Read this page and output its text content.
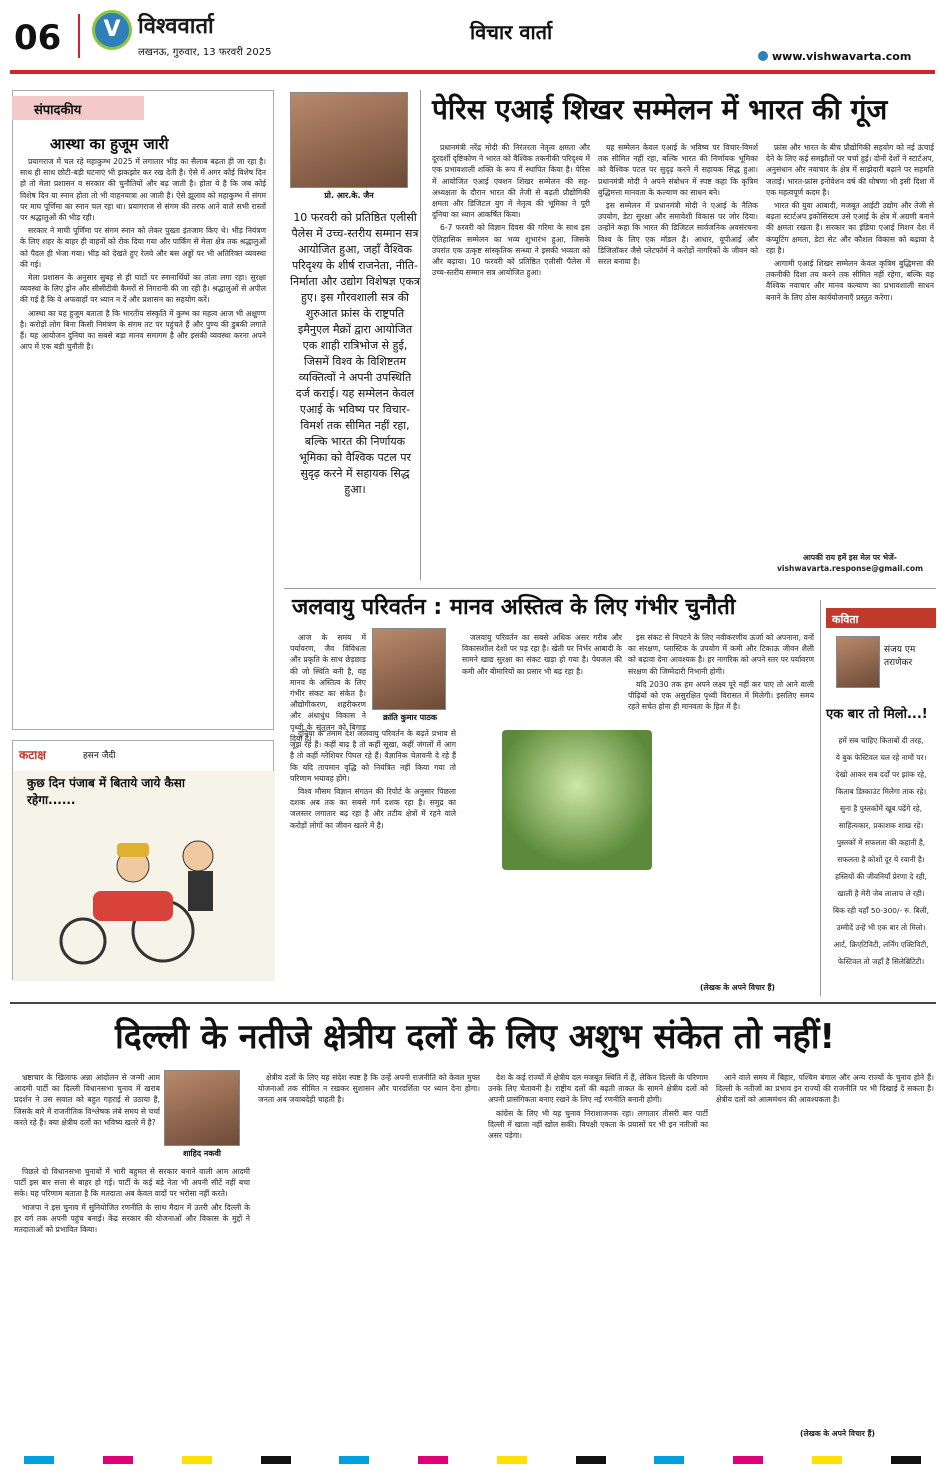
06	V विश्ववार्ता
लखनऊ, गुरुवार, 13 फरवरी 2025
विचार वार्ता
www.vishwavarta.com
संपादकीय
आस्था का हुजूम जारी

प्रयागराज में चल रहे महाकुम्भ 2025 में लगातार भीड़ का सैलाब बढ़ता ही जा रहा है। साथ ही साथ छोटी-बड़ी घटनाएं भी झकझोर कर रख देती है। ऐसे में अगर कोई विशेष दिन हो तो मेला प्रशासन व सरकार की चुनौतियों और बढ़ जाती है। होता ये है कि जब कोई विशेष दिन या स्नान होता तो भी वाहनयात्रा आ जाती है। ऐसे झूलाव को महाकुम्भ में संगम पर माघ पूर्णिमा का स्नान चल रहा था। प्रयागराज से संगम की तरफ आने वाले सभी रास्तों पर श्रद्धालुओं की भीड़ रही।

सरकार ने माघी पूर्णिमा पर संगम स्नान को लेकर पुख्ता इंतजाम किए थे। भीड़ नियंत्रण के लिए शहर के बाहर ही वाहनों को रोक दिया गया और पार्किंग से मेला क्षेत्र तक श्रद्धालुओं को पैदल ही भेजा गया। भीड़ को देखते हुए रेलवे और बस अड्डों पर भी अतिरिक्त व्यवस्था की गई।

मेला प्रशासन के अनुसार सुबह से ही घाटों पर स्नानार्थियों का तांता लगा रहा। सुरक्षा व्यवस्था के लिए ड्रोन और सीसीटीवी कैमरों से निगरानी की जा रही है। श्रद्धालुओं से अपील की गई है कि वे अफवाहों पर ध्यान न दें और प्रशासन का सहयोग करें।

आस्था का यह हुजूम बताता है कि भारतीय संस्कृति में कुम्भ का महत्व आज भी अक्षुण्ण है। करोड़ों लोग बिना किसी निमंत्रण के संगम तट पर पहुंचते हैं और पुण्य की डुबकी लगाते हैं। यह आयोजन दुनिया का सबसे बड़ा मानव समागम है और इसकी व्यवस्था करना अपने आप में एक बड़ी चुनौती है।

कटाक्ष	हसन जैदी
कुछ दिन पंजाब में बिताये जाये कैसा रहेगा......
प्रो. आर.के. जैन
10 फरवरी को प्रतिष्ठित एलीसी पैलेस में उच्च-स्तरीय सम्मान सत्र आयोजित हुआ, जहाँ वैश्विक परिदृश्य के शीर्ष राजनेता, नीति-निर्माता और उद्योग विशेषज्ञ एकत्र हुए। इस गौरवशाली सत्र की शुरुआत फ्रांस के राष्ट्रपति इमैनुएल मैक्रों द्वारा आयोजित एक शाही रात्रिभोज से हुई, जिसमें विश्व के विशिष्टतम व्यक्तित्वों ने अपनी उपस्थिति दर्ज कराई। यह सम्मेलन केवल एआई के भविष्य पर विचार-विमर्श तक सीमित नहीं रहा, बल्कि भारत की निर्णायक भूमिका को वैश्विक पटल पर सुदृढ़ करने में सहायक सिद्ध हुआ।
पेरिस एआई शिखर सम्मेलन में भारत की गूंज

प्रधानमंत्री नरेंद्र मोदी की निरंतरता नेतृत्व क्षमता और दूरदर्शी दृष्टिकोण ने भारत को वैश्विक तकनीकी परिदृश्य में एक प्रभावशाली शक्ति के रूप में स्थापित किया है। पेरिस में आयोजित एआई एक्शन शिखर सम्मेलन की सह-अध्यक्षता के दौरान भारत की तेजी से बढ़ती प्रौद्योगिकी क्षमता और डिजिटल युग में नेतृत्व की भूमिका ने पूरी दुनिया का ध्यान आकर्षित किया।

6-7 फरवरी को विज्ञान दिवस की गरिमा के साथ इस ऐतिहासिक सम्मेलन का भव्य शुभारंभ हुआ, जिसके उपरांत एक उत्कृष्ट सांस्कृतिक सन्ध्या ने इसकी भव्यता को और बढ़ाया। 10 फरवरी को प्रतिष्ठित एलीसी पैलेस में उच्च-स्तरीय सम्मान सत्र आयोजित हुआ।

यह सम्मेलन केवल एआई के भविष्य पर विचार-विमर्श तक सीमित नहीं रहा, बल्कि भारत की निर्णायक भूमिका को वैश्विक पटल पर सुदृढ़ करने में सहायक सिद्ध हुआ। प्रधानमंत्री मोदी ने अपने संबोधन में स्पष्ट कहा कि कृत्रिम बुद्धिमत्ता मानवता के कल्याण का साधन बने।

इस सम्मेलन में प्रधानमंत्री मोदी ने एआई के नैतिक उपयोग, डेटा सुरक्षा और समावेशी विकास पर जोर दिया। उन्होंने कहा कि भारत की डिजिटल सार्वजनिक अवसंरचना विश्व के लिए एक मॉडल है। आधार, यूपीआई और डिजिलॉकर जैसे प्लेटफॉर्म ने करोड़ों नागरिकों के जीवन को सरल बनाया है।

फ्रांस और भारत के बीच प्रौद्योगिकी सहयोग को नई ऊंचाई देने के लिए कई समझौतों पर चर्चा हुई। दोनों देशों ने स्टार्टअप, अनुसंधान और नवाचार के क्षेत्र में साझेदारी बढ़ाने पर सहमति जताई। भारत-फ्रांस इनोवेशन वर्ष की घोषणा भी इसी दिशा में एक महत्वपूर्ण कदम है।

भारत की युवा आबादी, मजबूत आईटी उद्योग और तेजी से बढ़ता स्टार्टअप इकोसिस्टम उसे एआई के क्षेत्र में अग्रणी बनाने की क्षमता रखता है। सरकार का इंडिया एआई मिशन देश में कंप्यूटिंग क्षमता, डेटा सेट और कौशल विकास को बढ़ावा दे रहा है।

आगामी एआई शिखर सम्मेलन केवल कृत्रिम बुद्धिमत्ता की तकनीकी दिशा तय करने तक सीमित नहीं रहेगा, बल्कि यह वैश्विक नवाचार और मानव कल्याण का प्रभावशाली साधन बनाने के लिए ठोस कार्ययोजनाएँ प्रस्तुत करेगा।

आपकी राय हमें इस मेल पर भेजें- vishwavarta.response@gmail.com
जलवायु परिवर्तन : मानव अस्तित्व के लिए गंभीर चुनौती
क्रांति कुमार पाठक

आज के समय में पर्यावरण, जैव विविधता और प्रकृति के साथ छेड़छाड़ की जो स्थिति बनी है, वह मानव के अस्तित्व के लिए गंभीर संकट का संकेत है। औद्योगीकरण, शहरीकरण और अंधाधुंध विकास ने पृथ्वी के संतुलन को बिगाड़ दिया है।

दुनिया के तमाम देश जलवायु परिवर्तन के बढ़ते प्रभाव से जूझ रहे हैं। कहीं बाढ़ है तो कहीं सूखा, कहीं जंगलों में आग है तो कहीं ग्लेशियर पिघल रहे हैं। वैज्ञानिक चेतावनी दे रहे हैं कि यदि तापमान वृद्धि को नियंत्रित नहीं किया गया तो परिणाम भयावह होंगे।

विश्व मौसम विज्ञान संगठन की रिपोर्ट के अनुसार पिछला दशक अब तक का सबसे गर्म दशक रहा है। समुद्र का जलस्तर लगातार बढ़ रहा है और तटीय क्षेत्रों में रहने वाले करोड़ों लोगों का जीवन खतरे में है।

जलवायु परिवर्तन का सबसे अधिक असर गरीब और विकासशील देशों पर पड़ रहा है। खेती पर निर्भर आबादी के सामने खाद्य सुरक्षा का संकट खड़ा हो गया है। पेयजल की कमी और बीमारियों का प्रसार भी बढ़ रहा है।

इस संकट से निपटने के लिए नवीकरणीय ऊर्जा को अपनाना, वनों का संरक्षण, प्लास्टिक के उपयोग में कमी और टिकाऊ जीवन शैली को बढ़ावा देना आवश्यक है। हर नागरिक को अपने स्तर पर पर्यावरण संरक्षण की जिम्मेदारी निभानी होगी।

यदि 2030 तक हम अपने लक्ष्य पूरे नहीं कर पाए तो आने वाली पीढ़ियों को एक असुरक्षित पृथ्वी विरासत में मिलेगी। इसलिए समय रहते सचेत होना ही मानवता के हित में है।

(लेखक के अपने विचार हैं)
कविता
संजय एम तराणेकर
एक बार तो मिलो...!
हमें सब चाहिए किताबों दी तरह,
ये बुक फेस्टिवल चल रहे नामों पर।
देखो आकर सब दर्दों पर झांक रहे,
किताब डिस्काउंट मिलेगा ताक रहे।
सुना है पुस्तकोंमें खूब पढ़ेंगे रहे,
साहित्यकार, प्रकाशक शाख रहे।
पुस्तकों में सफलता की कहानी है,
सफलता है कोशों दूर ये रवानी है।
हस्तियों की जीवनियाँ प्रेरणा दे रही,
खाली है मेरी जेब लालाच ले रही।
बिक रही यहाँ 50-300/- रु. बिली,
उम्मीदें उन्हें भी एक बार तो मिलो।
आर्ट, क्रिएटिविटी, लर्निंग एक्टिविटी,
फेस्टिवल तो जहाँ है सिलेब्रिटिटी।
दिल्ली के नतीजे क्षेत्रीय दलों के लिए अशुभ संकेत तो नहीं!
शाहिद नकवी

भ्रष्टाचार के खिलाफ अन्ना आंदोलन से जन्मी आम आदमी पार्टी का दिल्ली विधानसभा चुनाव में खराब प्रदर्शन ने उस सवाल को बहुत गहराई से उठाया है, जिसके बारे में राजनीतिक विश्लेषक लंबे समय से चर्चा करते रहे हैं। क्या क्षेत्रीय दलों का भविष्य खतरे में है?

पिछले दो विधानसभा चुनावों में भारी बहुमत से सरकार बनाने वाली आम आदमी पार्टी इस बार सत्ता से बाहर हो गई। पार्टी के कई बड़े नेता भी अपनी सीटें नहीं बचा सके। यह परिणाम बताता है कि मतदाता अब केवल वादों पर भरोसा नहीं करते।

भाजपा ने इस चुनाव में सुनियोजित रणनीति के साथ मैदान में उतरी और दिल्ली के हर वर्ग तक अपनी पहुंच बनाई। केंद्र सरकार की योजनाओं और विकास के मुद्दों ने मतदाताओं को प्रभावित किया।

क्षेत्रीय दलों के लिए यह संदेश स्पष्ट है कि उन्हें अपनी राजनीति को केवल मुफ्त योजनाओं तक सीमित न रखकर सुशासन और पारदर्शिता पर ध्यान देना होगा। जनता अब जवाबदेही चाहती है।

देश के कई राज्यों में क्षेत्रीय दल मजबूत स्थिति में हैं, लेकिन दिल्ली के परिणाम उनके लिए चेतावनी है। राष्ट्रीय दलों की बढ़ती ताकत के सामने क्षेत्रीय दलों को अपनी प्रासंगिकता बनाए रखने के लिए नई रणनीति बनानी होगी।

कांग्रेस के लिए भी यह चुनाव निराशाजनक रहा। लगातार तीसरी बार पार्टी दिल्ली में खाता नहीं खोल सकी। विपक्षी एकता के प्रयासों पर भी इन नतीजों का असर पड़ेगा।

आने वाले समय में बिहार, पश्चिम बंगाल और अन्य राज्यों के चुनाव होने हैं। दिल्ली के नतीजों का प्रभाव इन राज्यों की राजनीति पर भी दिखाई दे सकता है। क्षेत्रीय दलों को आत्ममंथन की आवश्यकता है।

(लेखक के अपने विचार हैं)
